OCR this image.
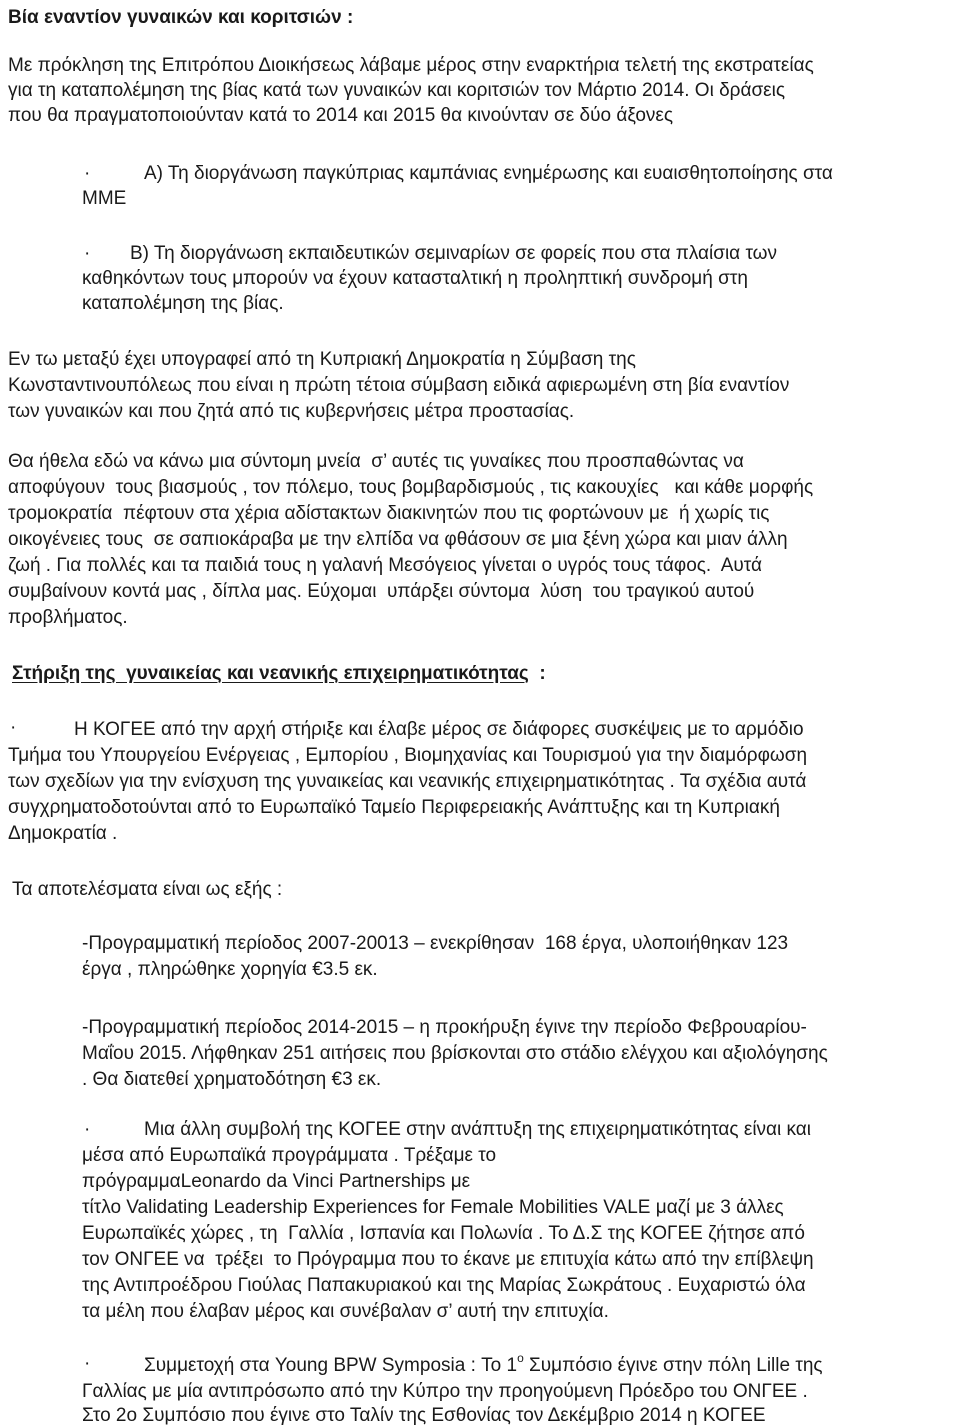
Βία εναντίον γυναικών και κοριτσιών :
Με πρόκληση της Επιτρόπου Διοικήσεως λάβαμε μέρος στην εναρκτήρια τελετή της εκστρατείας
για τη καταπολέμηση της βίας κατά των γυναικών και κοριτσιών τον Μάρτιο 2014. Οι δράσεις
που θα πραγματοποιούνταν κατά το 2014 και 2015 θα κινούνταν σε δύο άξονες
·	Α) Τη διοργάνωση παγκύπριας καμπάνιας ενημέρωσης και ευαισθητοποίησης στα
ΜΜΕ
· Β) Τη διοργάνωση εκπαιδευτικών σεμιναρίων σε φορείς που στα πλαίσια των
καθηκόντων τους μπορούν να έχουν κατασταλτική η προληπτική συνδρομή στη
καταπολέμηση της βίας.
Εν τω μεταξύ έχει υπογραφεί από τη Κυπριακή Δημοκρατία η Σύμβαση της
Κωνσταντινουπόλεως που είναι η πρώτη τέτοια σύμβαση ειδικά αφιερωμένη στη βία εναντίον
των γυναικών και που ζητά από τις κυβερνήσεις μέτρα προστασίας.
Θα ήθελα εδώ να κάνω μια σύντομη μνεία  σ’ αυτές τις γυναίκες που προσπαθώντας να
αποφύγουν  τους βιασμούς , τον πόλεμο, τους βομβαρδισμούς , τις κακουχίες   και κάθε μορφής
τρομοκρατία  πέφτουν στα χέρια αδίστακτων διακινητών που τις φορτώνουν με  ή χωρίς τις
οικογένειες τους  σε σαπιοκάραβα με την ελπίδα να φθάσουν σε μια ξένη χώρα και μιαν άλλη
ζωή . Για πολλές και τα παιδιά τους η γαλανή Μεσόγειος γίνεται ο υγρός τους τάφος.  Αυτά
συμβαίνουν κοντά μας , δίπλα μας. Εύχομαι  υπάρξει σύντομα  λύση  του τραγικού αυτού
προβλήματος.
Στήριξη της  γυναικείας και νεανικής επιχειρηματικότητας  :
·	Η ΚΟΓΕΕ από την αρχή στήριξε και έλαβε μέρος σε διάφορες συσκέψεις με το αρμόδιο
Τμήμα του Υπουργείου Ενέργειας , Εμπορίου , Βιομηχανίας και Τουρισμού για την διαμόρφωση
των σχεδίων για την ενίσχυση της γυναικείας και νεανικής επιχειρηματικότητας . Τα σχέδια αυτά
συγχρηματοδοτούνται από το Ευρωπαϊκό Ταμείο Περιφερειακής Ανάπτυξης και τη Κυπριακή
Δημοκρατία .
Τα αποτελέσματα είναι ως εξής :
-Προγραμματική περίοδος 2007-20013 – ενεκρίθησαν  168 έργα, υλοποιήθηκαν 123
έργα , πληρώθηκε χορηγία €3.5 εκ.
-Προγραμματική περίοδος 2014-2015 – η προκήρυξη έγινε την περίοδο Φεβρουαρίου-
Μαΐου 2015. Λήφθηκαν 251 αιτήσεις που βρίσκονται στο στάδιο ελέγχου και αξιολόγησης
. Θα διατεθεί χρηματοδότηση €3 εκ.
·	Μια άλλη συμβολή της ΚΟΓΕΕ στην ανάπτυξη της επιχειρηματικότητας είναι και
μέσα από Ευρωπαϊκά προγράμματα . Τρέξαμε το
πρόγραμμαLeonardo da Vinci Partnerships με
τίτλο Validating Leadership Experiences for Female Mobilities VALE μαζί με 3 άλλες
Ευρωπαϊκές χώρες , τη  Γαλλία , Ισπανία και Πολωνία . Το Δ.Σ της ΚΟΓΕΕ ζήτησε από
τον ΟΝΓΕΕ να  τρέξει  το Πρόγραμμα που το έκανε με επιτυχία κάτω από την επίβλεψη
της Αντιπροέδρου Γιούλας Παπακυριακού και της Μαρίας Σωκράτους . Ευχαριστώ όλα
τα μέλη που έλαβαν μέρος και συνέβαλαν σ’ αυτή την επιτυχία.
·	Συμμετοχή στα Young BPW Symposia : Το $1^o$ Συμπόσιο έγινε στην πόλη Lille της
Γαλλίας με μία αντιπρόσωπο από την Κύπρο την προηγούμενη Πρόεδρο του ΟΝΓΕΕ .
Στο 2ο Συμπόσιο που έγινε στο Ταλίν της Εσθονίας τον Δεκέμβριο 2014 η ΚΟΓΕΕ
